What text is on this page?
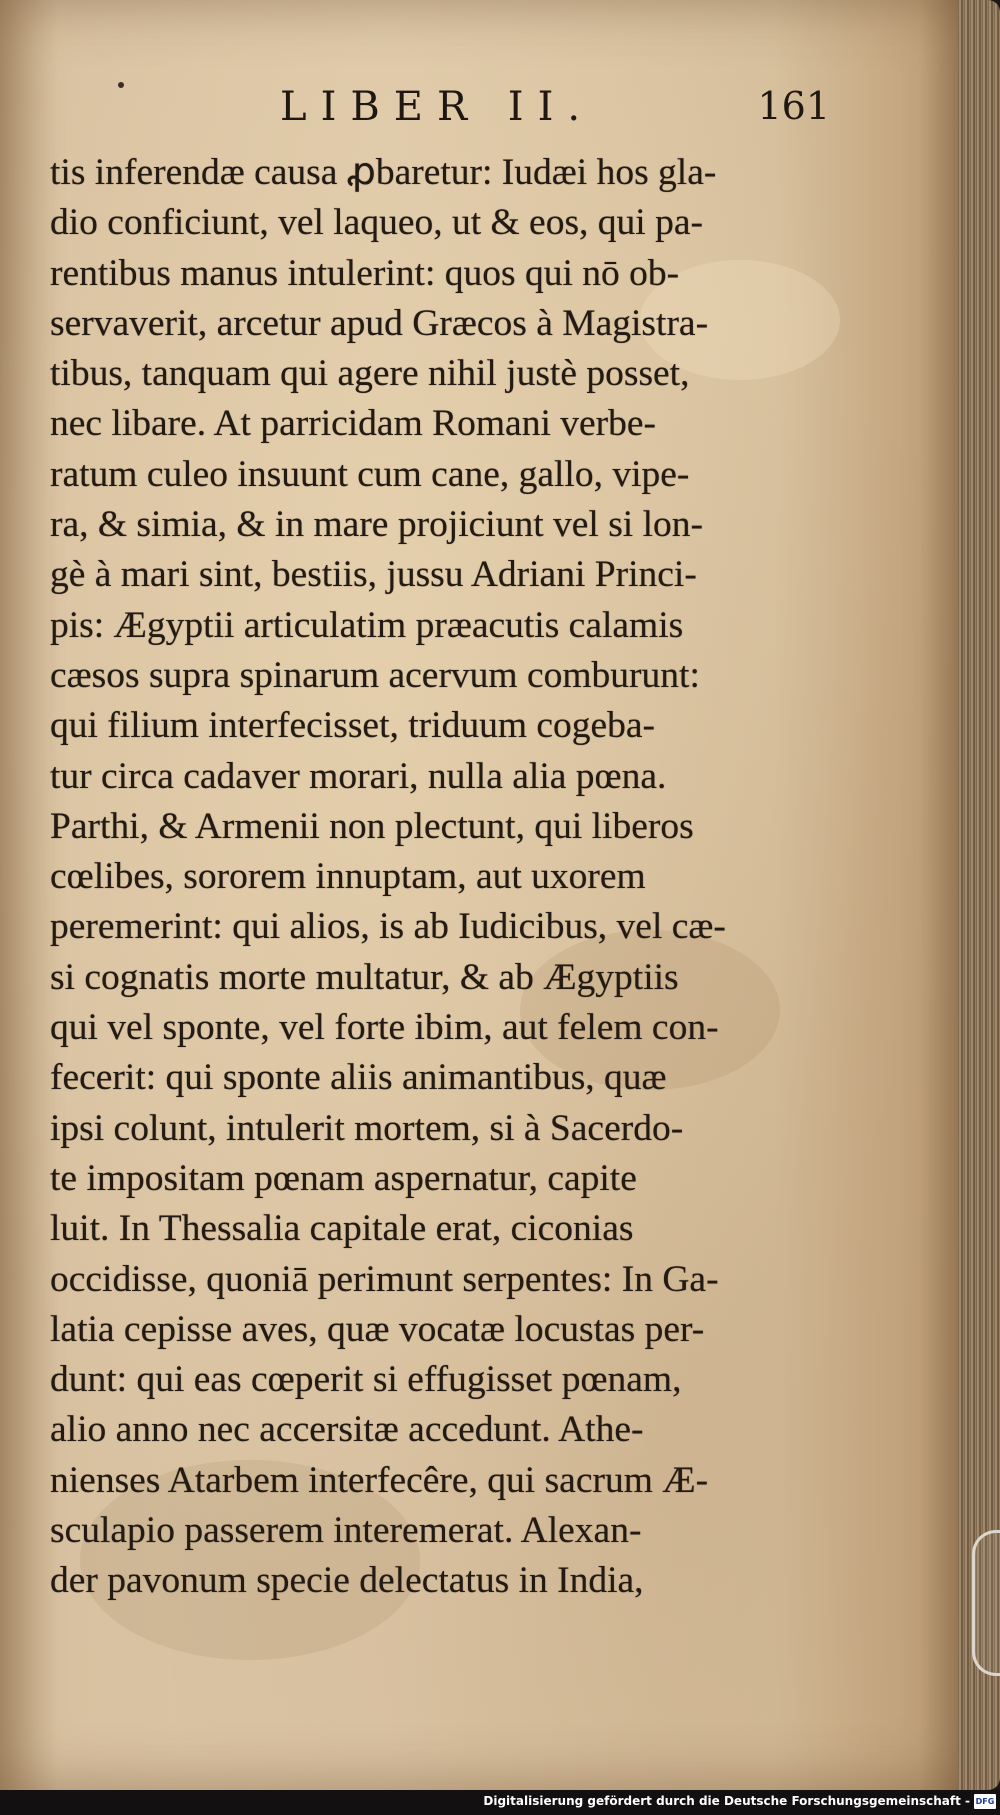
LIBER II.	161
tis inferendæ causa ꝓbaretur: Iudæi hos gla-
dio conficiunt, vel laqueo, ut & eos, qui pa-
rentibus manus intulerint: quos qui nō ob-
servaverit, arcetur apud Græcos à Magistra-
tibus, tanquam qui agere nihil justè posset,
nec libare. At parricidam Romani verbe-
ratum culeo insuunt cum cane, gallo, vipe-
ra, & simia, & in mare projiciunt vel si lon-
gè à mari sint, bestiis, jussu Adriani Princi-
pis: Ægyptii articulatim præacutis calamis
cæsos supra spinarum acervum comburunt:
qui filium interfecisset, triduum cogeba-
tur circa cadaver morari, nulla alia pœna.
Parthi, & Armenii non plectunt, qui liberos
cœlibes, sororem innuptam, aut uxorem
peremerint: qui alios, is ab Iudicibus, vel cæ-
si cognatis morte multatur, & ab Ægyptiis
qui vel sponte, vel forte ibim, aut felem con-
fecerit: qui sponte aliis animantibus, quæ
ipsi colunt, intulerit mortem, si à Sacerdo-
te impositam pœnam aspernatur, capite
luit. In Thessalia capitale erat, ciconias
occidisse, quoniā perimunt serpentes: In Ga-
latia cepisse aves, quæ vocatæ locustas per-
dunt: qui eas cœperit si effugisset pœnam,
alio anno nec accersitæ accedunt. Athe-
nienses Atarbem interfecêre, qui sacrum Æ-
sculapio passerem interemerat. Alexan-
der pavonum specie delectatus in India,
Digitalisierung gefördert durch die Deutsche Forschungsgemeinschaft - DFG
